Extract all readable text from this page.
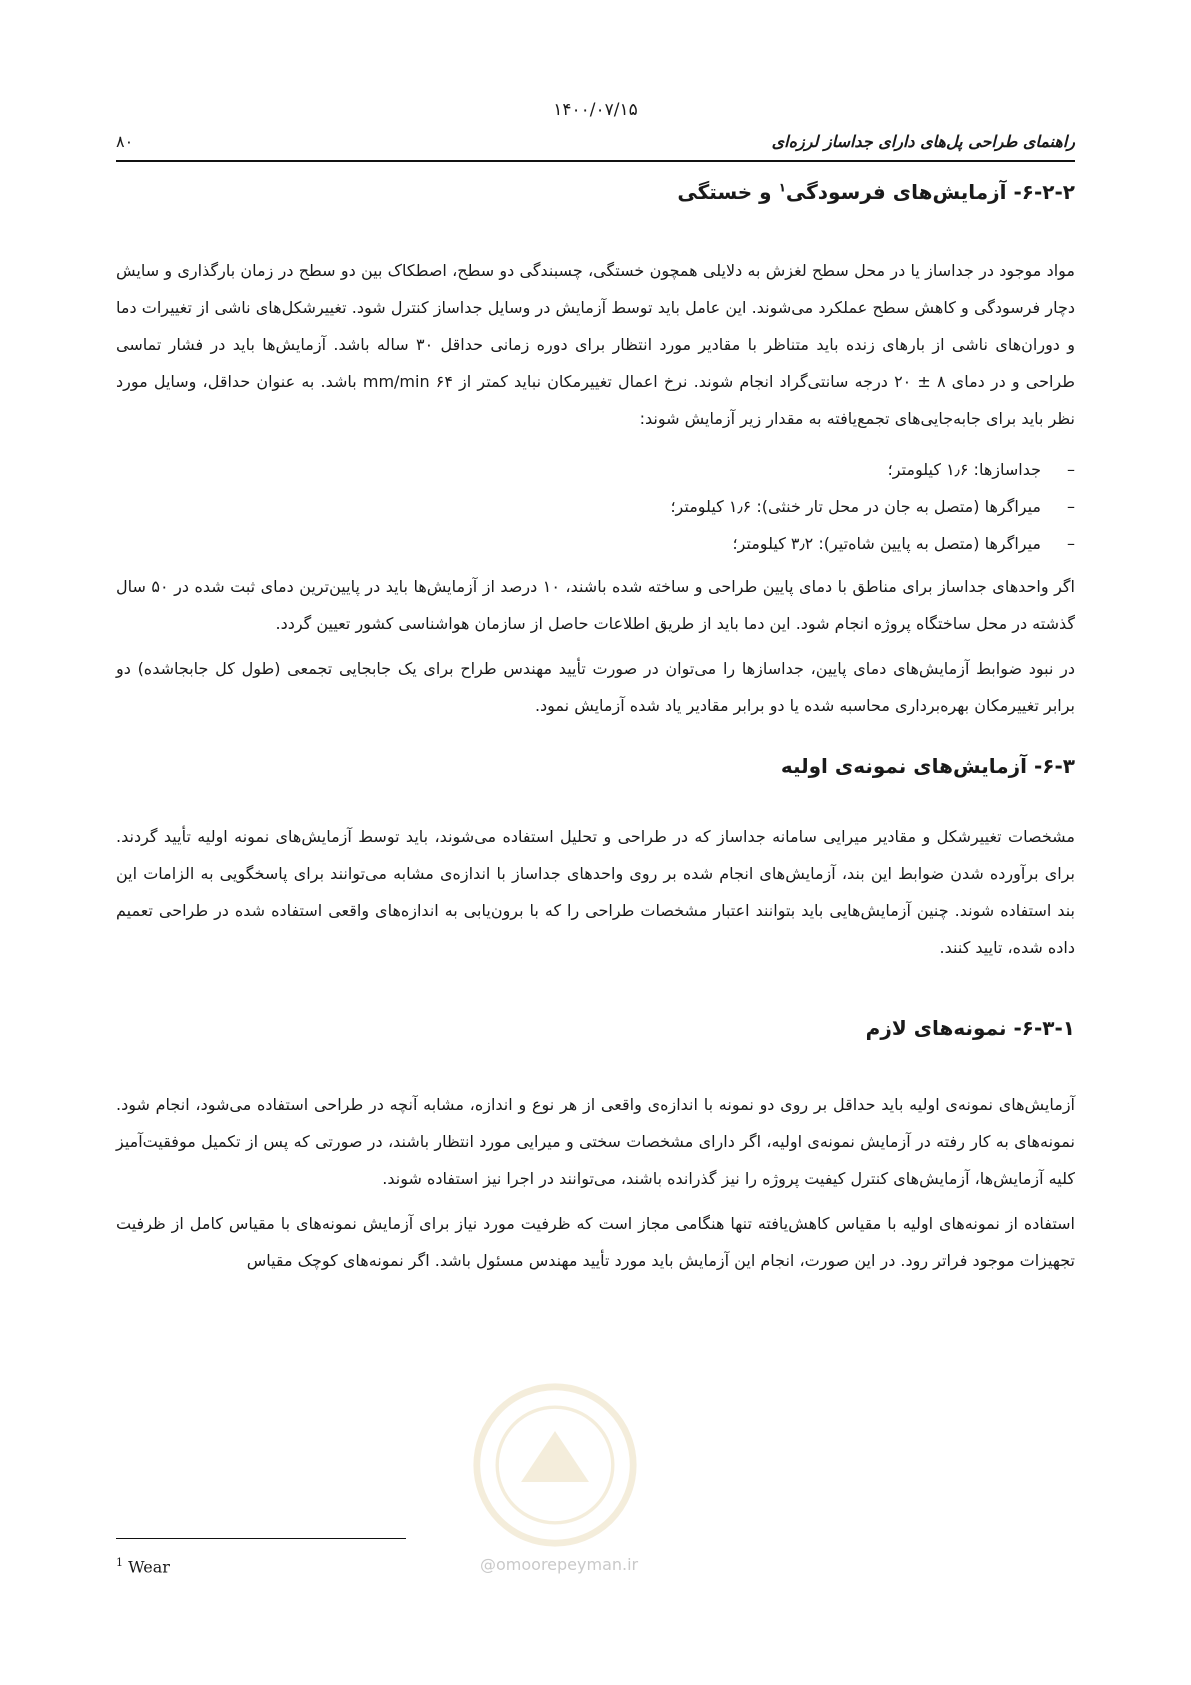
۱۴۰۰/۰۷/۱۵
راهنمای طراحی پل‌های دارای جداساز لرزه‌ای
۸۰
۶-۲-۲- آزمایش‌های فرسودگی$^۱$ و خستگی

مواد موجود در جداساز یا در محل سطح لغزش به دلایلی همچون خستگی، چسبندگی دو سطح، اصطکاک بین دو سطح در زمان بارگذاری و سایش دچار فرسودگی و کاهش سطح عملکرد می‌شوند. این عامل باید توسط آزمایش در وسایل جداساز کنترل شود. تغییرشکل‌های ناشی از تغییرات دما و دوران‌های ناشی از بارهای زنده باید متناظر با مقادیر مورد انتظار برای دوره زمانی حداقل ۳۰ ساله باشد. آزمایش‌ها باید در فشار تماسی طراحی و در دمای ۸ ± ۲۰ درجه سانتی‌گراد انجام شوند. نرخ اعمال تغییرمکان نباید کمتر از ۶۴ mm/min باشد. به عنوان حداقل، وسایل مورد نظر باید برای جابه‌جایی‌های تجمع‌یافته به مقدار زیر آزمایش شوند:

–
جداسازها: ۱٫۶ کیلومتر؛
–
میراگرها (متصل به جان در محل تار خنثی): ۱٫۶ کیلومتر؛
–
میراگرها (متصل به پایین شاه‌تیر): ۳٫۲ کیلومتر؛

اگر واحدهای جداساز برای مناطق با دمای پایین طراحی و ساخته شده باشند، ۱۰ درصد از آزمایش‌ها باید در پایین‌ترین دمای ثبت شده در ۵۰ سال گذشته در محل ساختگاه پروژه انجام شود. این دما باید از طریق اطلاعات حاصل از سازمان هواشناسی کشور تعیین گردد.

در نبود ضوابط آزمایش‌های دمای پایین، جداسازها را می‌توان در صورت تأیید مهندس طراح برای یک جابجایی تجمعی (طول کل جابجاشده) دو برابر تغییرمکان بهره‌برداری محاسبه شده یا دو برابر مقادیر یاد شده آزمایش نمود.

۶-۳- آزمایش‌های نمونه‌ی اولیه

مشخصات تغییرشکل و مقادیر میرایی سامانه جداساز که در طراحی و تحلیل استفاده می‌شوند، باید توسط آزمایش‌های نمونه اولیه تأیید گردند. برای برآورده شدن ضوابط این بند، آزمایش‌های انجام شده بر روی واحدهای جداساز با اندازه‌ی مشابه می‌توانند برای پاسخگویی به الزامات این بند استفاده شوند. چنین آزمایش‌هایی باید بتوانند اعتبار مشخصات طراحی را که با برون‌یابی به اندازه‌های واقعی استفاده شده در طراحی تعمیم داده شده، تایید کنند.

۶-۳-۱- نمونه‌های لازم

آزمایش‌های نمونه‌ی اولیه باید حداقل بر روی دو نمونه با اندازه‌ی واقعی از هر نوع و اندازه، مشابه آنچه در طراحی استفاده می‌شود، انجام شود. نمونه‌های به کار رفته در آزمایش نمونه‌ی اولیه، اگر دارای مشخصات سختی و میرایی مورد انتظار باشند، در صورتی که پس از تکمیل موفقیت‌آمیز کلیه آزمایش‌ها، آزمایش‌های کنترل کیفیت پروژه را نیز گذرانده باشند، می‌توانند در اجرا نیز استفاده شوند.

استفاده از نمونه‌های اولیه با مقیاس کاهش‌یافته تنها هنگامی مجاز است که ظرفیت مورد نیاز برای آزمایش نمونه‌های با مقیاس کامل از ظرفیت تجهیزات موجود فراتر رود. در این صورت، انجام این آزمایش باید مورد تأیید مهندس مسئول باشد. اگر نمونه‌های کوچک مقیاس

@omoorepeyman.ir
$^1$ Wear
